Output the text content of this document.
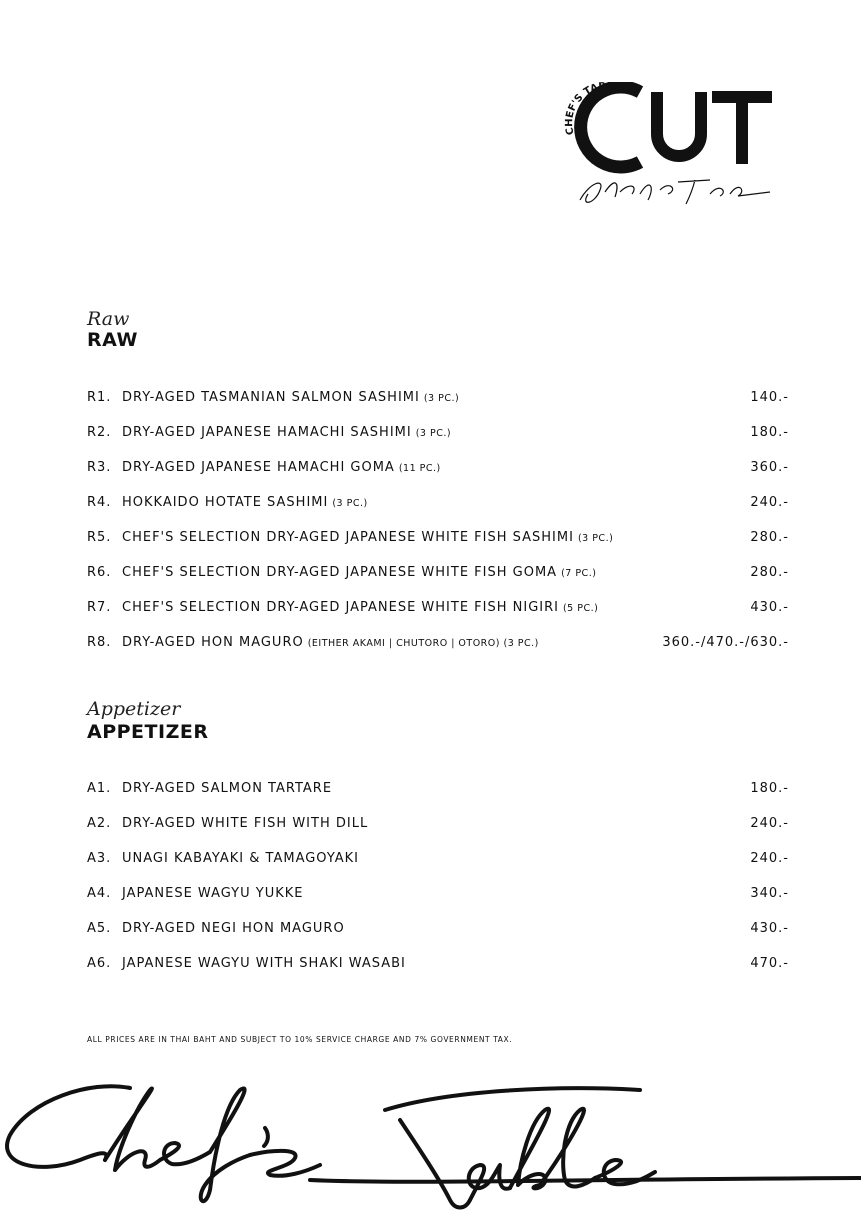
CHEF'S TABLE
Raw
RAW
R1. DRY-AGED TASMANIAN SALMON SASHIMI (3 PC.)	140.-
R2. DRY-AGED JAPANESE HAMACHI SASHIMI (3 PC.)	180.-
R3. DRY-AGED JAPANESE HAMACHI GOMA (11 PC.)	360.-
R4. HOKKAIDO HOTATE SASHIMI (3 PC.)	240.-
R5. CHEF'S SELECTION DRY-AGED JAPANESE WHITE FISH SASHIMI (3 PC.)	280.-
R6. CHEF'S SELECTION DRY-AGED JAPANESE WHITE FISH GOMA (7 PC.)	280.-
R7. CHEF'S SELECTION DRY-AGED JAPANESE WHITE FISH NIGIRI (5 PC.)	430.-
R8. DRY-AGED HON MAGURO (EITHER AKAMI | CHUTORO | OTORO) (3 PC.)	360.-/470.-/630.-
Appetizer
APPETIZER
A1. DRY-AGED SALMON TARTARE	180.-
A2. DRY-AGED WHITE FISH WITH DILL	240.-
A3. UNAGI KABAYAKI & TAMAGOYAKI	240.-
A4. JAPANESE WAGYU YUKKE	340.-
A5. DRY-AGED NEGI HON MAGURO	430.-
A6. JAPANESE WAGYU WITH SHAKI WASABI	470.-
ALL PRICES ARE IN THAI BAHT AND SUBJECT TO 10% SERVICE CHARGE AND 7% GOVERNMENT TAX.
